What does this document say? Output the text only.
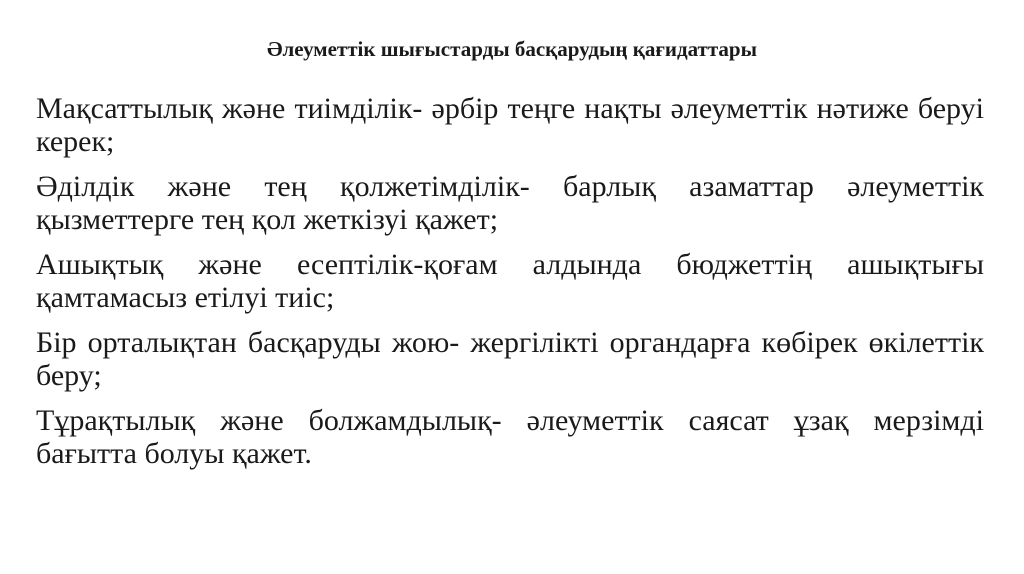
Әлеуметтік шығыстарды басқарудың қағидаттары
Мақсаттылық және тиімділік- әрбір теңге нақты әлеуметтік нәтиже беруі керек;
Әділдік және тең қолжетімділік- барлық азаматтар әлеуметтік қызметтерге тең қол жеткізуі қажет;
Ашықтық және есептілік-қоғам алдында бюджеттің ашықтығы қамтамасыз етілуі тиіс;
Бір орталықтан басқаруды жою- жергілікті органдарға көбірек өкілеттік беру;
Тұрақтылық және болжамдылық- әлеуметтік саясат ұзақ мерзімді бағытта болуы қажет.
